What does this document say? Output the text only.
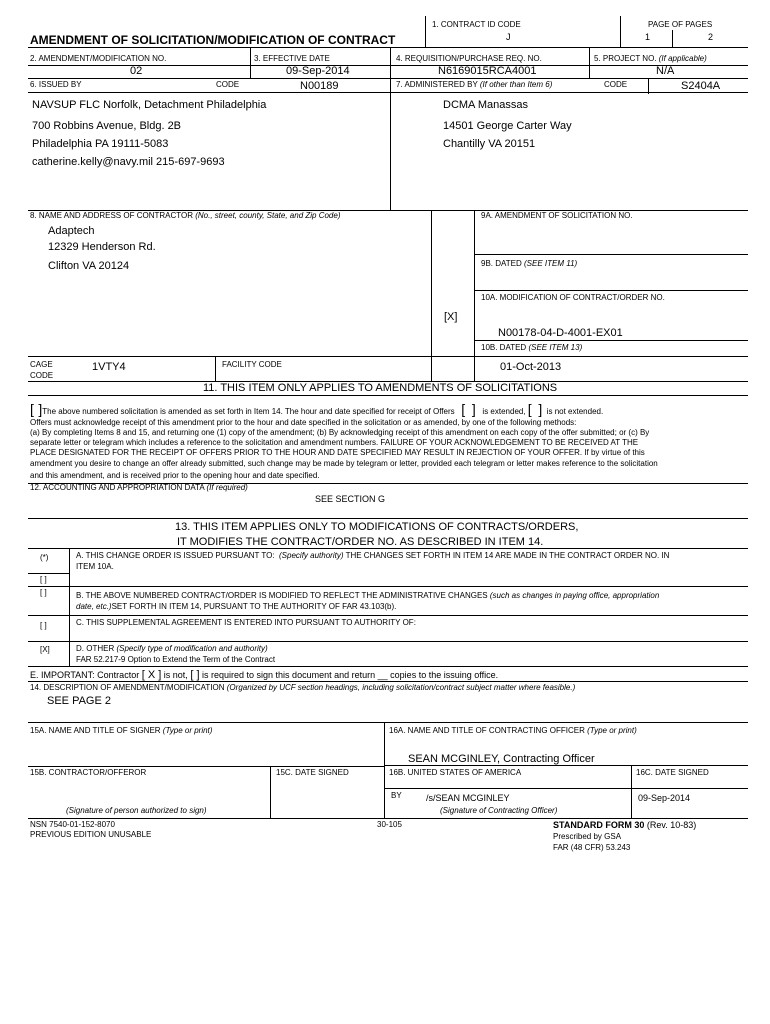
1. CONTRACT ID CODE	PAGE OF PAGES
AMENDMENT OF SOLICITATION/MODIFICATION OF CONTRACT	J	1	2
2. AMENDMENT/MODIFICATION NO.	3. EFFECTIVE DATE	4. REQUISITION/PURCHASE REQ. NO.	5. PROJECT NO. (If applicable)
02	09-Sep-2014	N6169015RCA4001	N/A
6. ISSUED BY	CODE	N00189	7. ADMINISTERED BY (If other than Item 6)	CODE	S2404A
NAVSUP FLC Norfolk, Detachment Philadelphia
700 Robbins Avenue, Bldg. 2B
Philadelphia PA 19111-5083
catherine.kelly@navy.mil 215-697-9693
DCMA Manassas
14501 George Carter Way
Chantilly VA 20151
8. NAME AND ADDRESS OF CONTRACTOR (No., street, county, State, and Zip Code)
Adaptech
12329 Henderson Rd.
Clifton VA 20124
9A. AMENDMENT OF SOLICITATION NO.
9B. DATED (SEE ITEM 11)
10A. MODIFICATION OF CONTRACT/ORDER NO.
[X]
N00178-04-D-4001-EX01
10B. DATED (SEE ITEM 13)
01-Oct-2013
CAGE
CODE
1VTY4	FACILITY CODE
11. THIS ITEM ONLY APPLIES TO AMENDMENTS OF SOLICITATIONS
[ ]The above numbered solicitation is amended as set forth in Item 14. The hour and date specified for receipt of Offers [ ] is extended, [ ] is not extended.
Offers must acknowledge receipt of this amendment prior to the hour and date specified in the solicitation or as amended, by one of the following methods:
(a) By completing Items 8 and 15, and returning one (1) copy of the amendment; (b) By acknowledging receipt of this amendment on each copy of the offer submitted; or (c) By
separate letter or telegram which includes a reference to the solicitation and amendment numbers. FAILURE OF YOUR ACKNOWLEDGEMENT TO BE RECEIVED AT THE
PLACE DESIGNATED FOR THE RECEIPT OF OFFERS PRIOR TO THE HOUR AND DATE SPECIFIED MAY RESULT IN REJECTION OF YOUR OFFER. If by virtue of this
amendment you desire to change an offer already submitted, such change may be made by telegram or letter, provided each telegram or letter makes reference to the solicitation
and this amendment, and is received prior to the opening hour and date specified.
12. ACCOUNTING AND APPROPRIATION DATA (If required)
SEE SECTION G
13. THIS ITEM APPLIES ONLY TO MODIFICATIONS OF CONTRACTS/ORDERS,
IT MODIFIES THE CONTRACT/ORDER NO. AS DESCRIBED IN ITEM 14.
(*)	A. THIS CHANGE ORDER IS ISSUED PURSUANT TO: (Specify authority) THE CHANGES SET FORTH IN ITEM 14 ARE MADE IN THE CONTRACT ORDER NO. IN
ITEM 10A.
[ ]
[ ]	B. THE ABOVE NUMBERED CONTRACT/ORDER IS MODIFIED TO REFLECT THE ADMINISTRATIVE CHANGES (such as changes in paying office, appropriation
date, etc.)SET FORTH IN ITEM 14, PURSUANT TO THE AUTHORITY OF FAR 43.103(b).
[ ]	C. THIS SUPPLEMENTAL AGREEMENT IS ENTERED INTO PURSUANT TO AUTHORITY OF:
[X]	D. OTHER (Specify type of modification and authority)
FAR 52.217-9 Option to Extend the Term of the Contract
E. IMPORTANT: Contractor [ X ] is not, [ ] is required to sign this document and return __ copies to the issuing office.
14. DESCRIPTION OF AMENDMENT/MODIFICATION (Organized by UCF section headings, including solicitation/contract subject matter where feasible.)
SEE PAGE 2
15A. NAME AND TITLE OF SIGNER (Type or print)	16A. NAME AND TITLE OF CONTRACTING OFFICER (Type or print)
SEAN MCGINLEY, Contracting Officer
15B. CONTRACTOR/OFFEROR	15C. DATE SIGNED	16B. UNITED STATES OF AMERICA	16C. DATE SIGNED
BY	/s/SEAN MCGINLEY	09-Sep-2014
(Signature of person authorized to sign)	(Signature of Contracting Officer)
NSN 7540-01-152-8070
PREVIOUS EDITION UNUSABLE
30-105	STANDARD FORM 30 (Rev. 10-83)
Prescribed by GSA
FAR (48 CFR) 53.243
